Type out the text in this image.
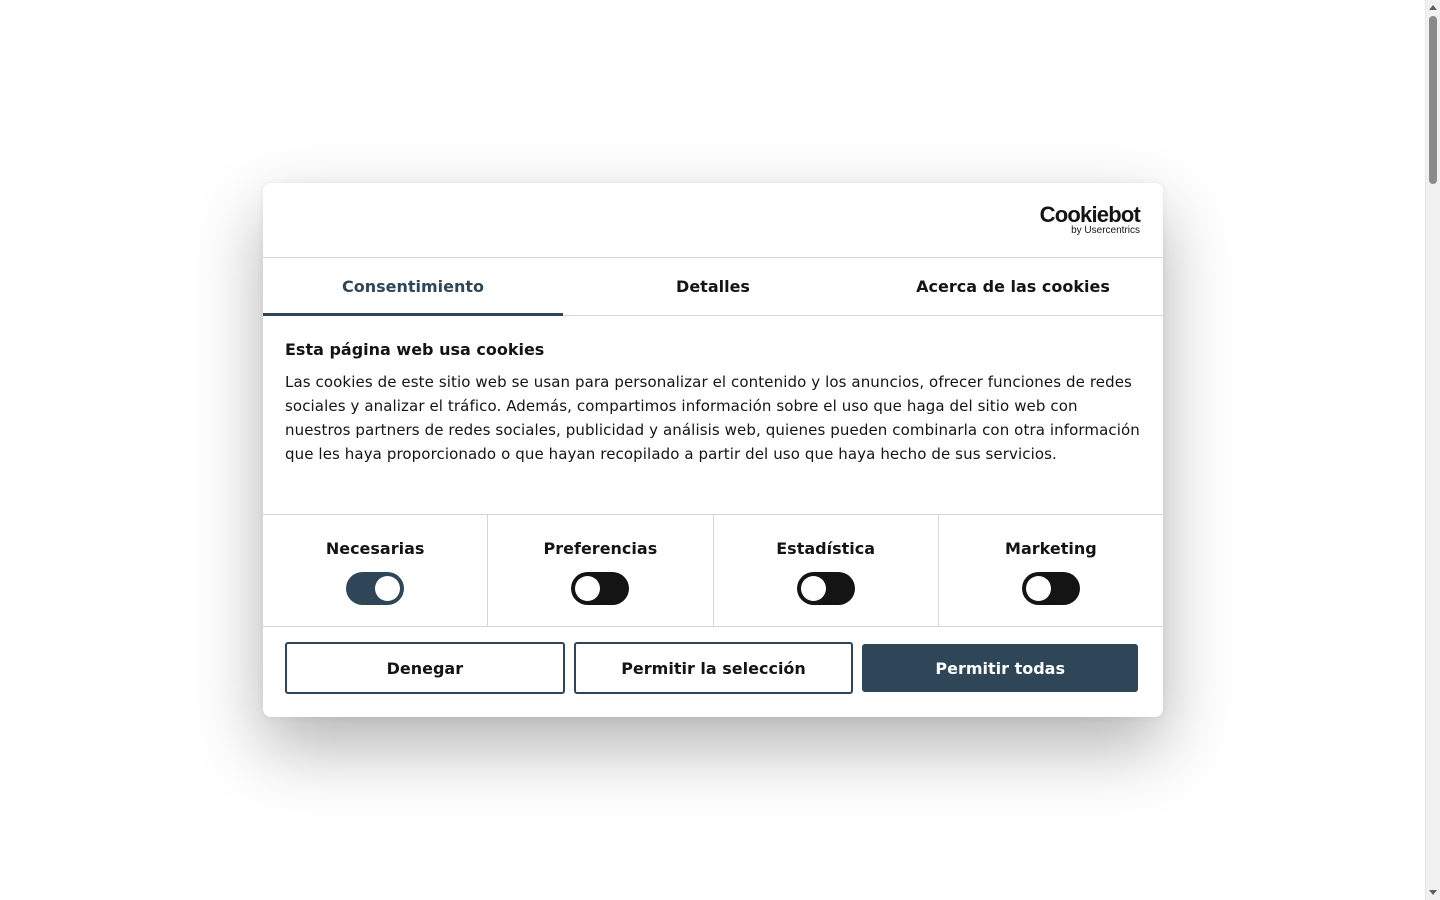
Cookiebot
by Usercentrics
Consentimiento	Detalles	Acerca de las cookies
Esta página web usa cookies

Las cookies de este sitio web se usan para personalizar el contenido y los anuncios, ofrecer funciones de redes sociales y analizar el tráfico. Además, compartimos información sobre el uso que haga del sitio web con nuestros partners de redes sociales, publicidad y análisis web, quienes pueden combinarla con otra información que les haya proporcionado o que hayan recopilado a partir del uso que haya hecho de sus servicios.

Necesarias	Preferencias	Estadística	Marketing
Denegar	Permitir la selección	Permitir todas
